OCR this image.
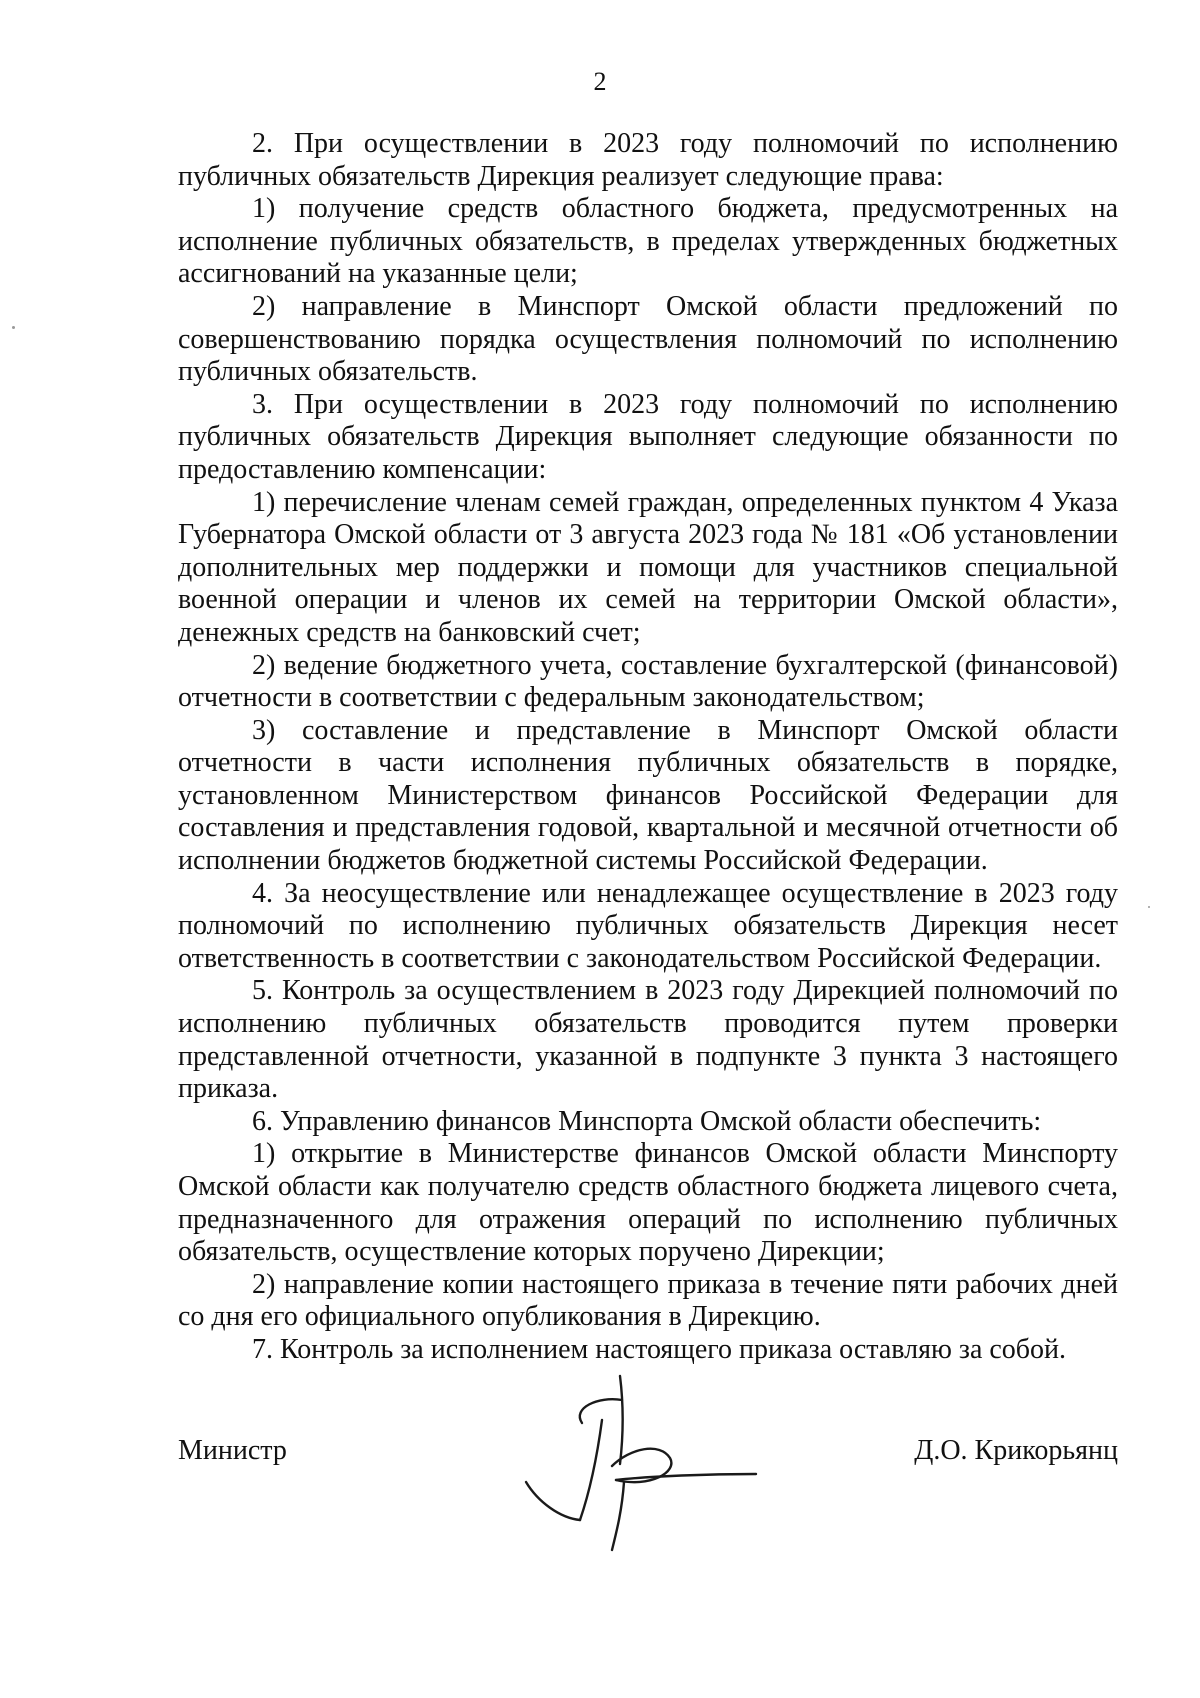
2

2. При осуществлении в 2023 году полномочий по исполнению публичных обязательств Дирекция реализует следующие права:

1) получение средств областного бюджета, предусмотренных на исполнение публичных обязательств, в пределах утвержденных бюджетных ассигнований на указанные цели;

2) направление в Минспорт Омской области предложений по совершенствованию порядка осуществления полномочий по исполнению публичных обязательств.

3. При осуществлении в 2023 году полномочий по исполнению публичных обязательств Дирекция выполняет следующие обязанности по предоставлению компенсации:

1) перечисление членам семей граждан, определенных пунктом 4 Указа Губернатора Омской области от 3 августа 2023 года № 181 «Об установлении дополнительных мер поддержки и помощи для участников специальной военной операции и членов их семей на территории Омской области», денежных средств на банковский счет;

2) ведение бюджетного учета, составление бухгалтерской (финансовой) отчетности в соответствии с федеральным законодательством;

3) составление и представление в Минспорт Омской области отчетности в части исполнения публичных обязательств в порядке, установленном Министерством финансов Российской Федерации для составления и представления годовой, квартальной и месячной отчетности об исполнении бюджетов бюджетной системы Российской Федерации.

4. За неосуществление или ненадлежащее осуществление в 2023 году полномочий по исполнению публичных обязательств Дирекция несет ответственность в соответствии с законодательством Российской Федерации.

5. Контроль за осуществлением в 2023 году Дирекцией полномочий по исполнению публичных обязательств проводится путем проверки представленной отчетности, указанной в подпункте 3 пункта 3 настоящего приказа.

6. Управлению финансов Минспорта Омской области обеспечить:

1) открытие в Министерстве финансов Омской области Минспорту Омской области как получателю средств областного бюджета лицевого счета, предназначенного для отражения операций по исполнению публичных обязательств, осуществление которых поручено Дирекции;

2) направление копии настоящего приказа в течение пяти рабочих дней со дня его официального опубликования в Дирекцию.

7. Контроль за исполнением настоящего приказа оставляю за собой.

Министр	Д.О. Крикорьянц
